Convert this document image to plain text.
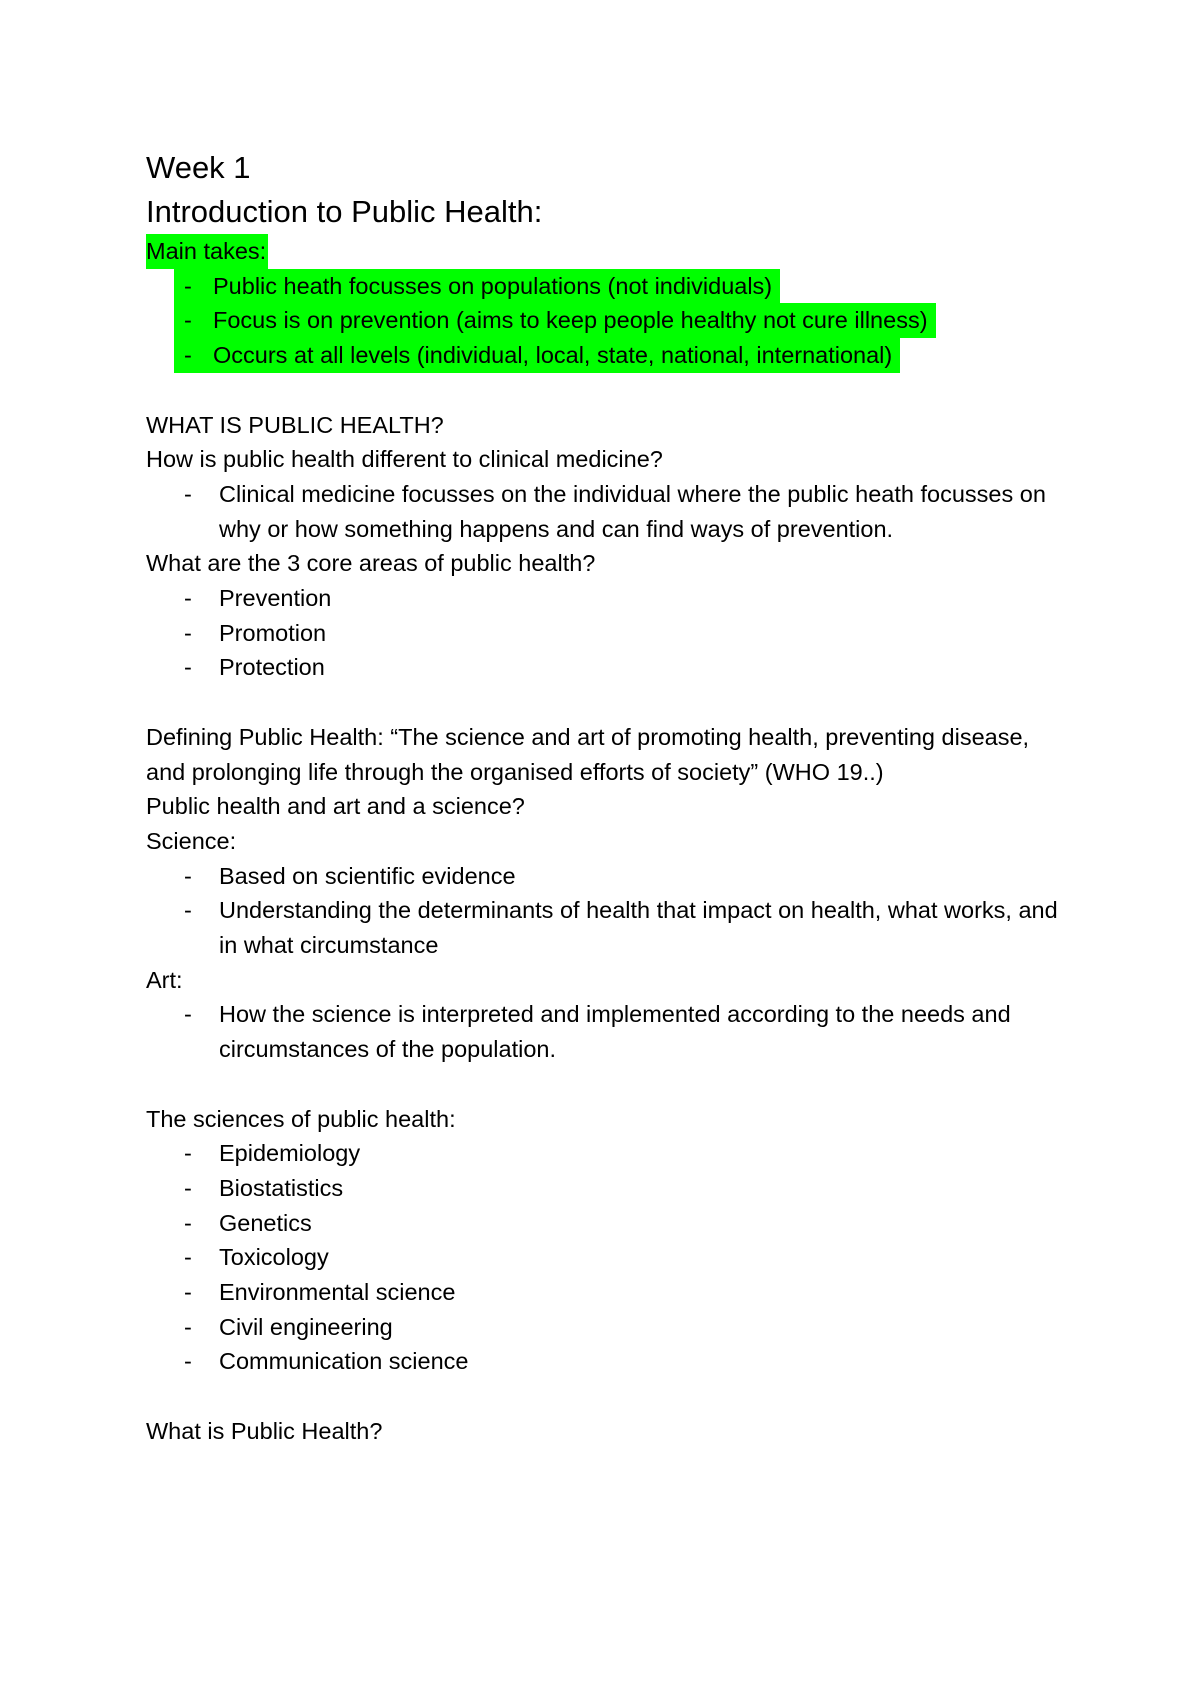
Week 1

Introduction to Public Health:

Main takes:

- Public heath focusses on populations (not individuals)
- Focus is on prevention (aims to keep people healthy not cure illness)
- Occurs at all levels (individual, local, state, national, international)

WHAT IS PUBLIC HEALTH?

How is public health different to clinical medicine?

- Clinical medicine focusses on the individual where the public heath focusses on why or how something happens and can find ways of prevention.

What are the 3 core areas of public health?

- Prevention
- Promotion
- Protection

Defining Public Health: “The science and art of promoting health, preventing disease, and prolonging life through the organised efforts of society” (WHO 19..)

Public health and art and a science?

Science:

- Based on scientific evidence
- Understanding the determinants of health that impact on health, what works, and in what circumstance

Art:

- How the science is interpreted and implemented according to the needs and circumstances of the population.

The sciences of public health:

- Epidemiology
- Biostatistics
- Genetics
- Toxicology
- Environmental science
- Civil engineering
- Communication science

What is Public Health?
